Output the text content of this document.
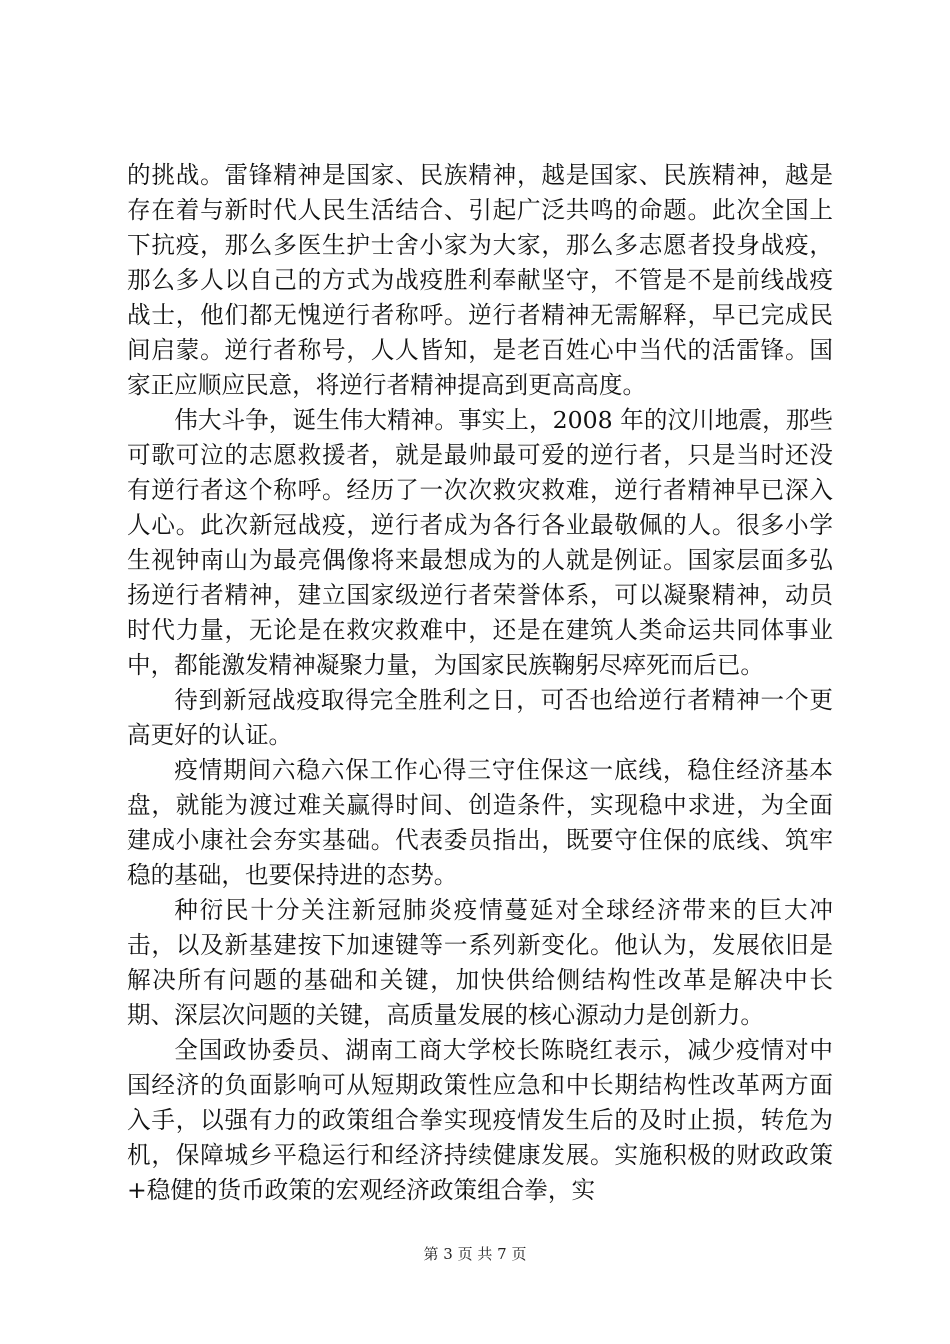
的挑战。雷锋精神是国家、民族精神，越是国家、民族精神，越是存在着与新时代人民生活结合、引起广泛共鸣的命题。此次全国上下抗疫，那么多医生护士舍小家为大家，那么多志愿者投身战疫，那么多人以自己的方式为战疫胜利奉献坚守，不管是不是前线战疫战士，他们都无愧逆行者称呼。逆行者精神无需解释，早已完成民间启蒙。逆行者称号，人人皆知，是老百姓心中当代的活雷锋。国家正应顺应民意，将逆行者精神提高到更高高度。

伟大斗争，诞生伟大精神。事实上，2008 年的汶川地震，那些可歌可泣的志愿救援者，就是最帅最可爱的逆行者，只是当时还没有逆行者这个称呼。经历了一次次救灾救难，逆行者精神早已深入人心。此次新冠战疫，逆行者成为各行各业最敬佩的人。很多小学生视钟南山为最亮偶像将来最想成为的人就是例证。国家层面多弘扬逆行者精神，建立国家级逆行者荣誉体系，可以凝聚精神，动员时代力量，无论是在救灾救难中，还是在建筑人类命运共同体事业中，都能激发精神凝聚力量，为国家民族鞠躬尽瘁死而后已。

待到新冠战疫取得完全胜利之日，可否也给逆行者精神一个更高更好的认证。

疫情期间六稳六保工作心得三守住保这一底线，稳住经济基本盘，就能为渡过难关赢得时间、创造条件，实现稳中求进，为全面建成小康社会夯实基础。代表委员指出，既要守住保的底线、筑牢稳的基础，也要保持进的态势。

种衍民十分关注新冠肺炎疫情蔓延对全球经济带来的巨大冲击，以及新基建按下加速键等一系列新变化。他认为，发展依旧是解决所有问题的基础和关键，加快供给侧结构性改革是解决中长期、深层次问题的关键，高质量发展的核心源动力是创新力。

全国政协委员、湖南工商大学校长陈晓红表示，减少疫情对中国经济的负面影响可从短期政策性应急和中长期结构性改革两方面入手，以强有力的政策组合拳实现疫情发生后的及时止损，转危为机，保障城乡平稳运行和经济持续健康发展。实施积极的财政政策+稳健的货币政策的宏观经济政策组合拳，实

第 3 页 共 7 页
